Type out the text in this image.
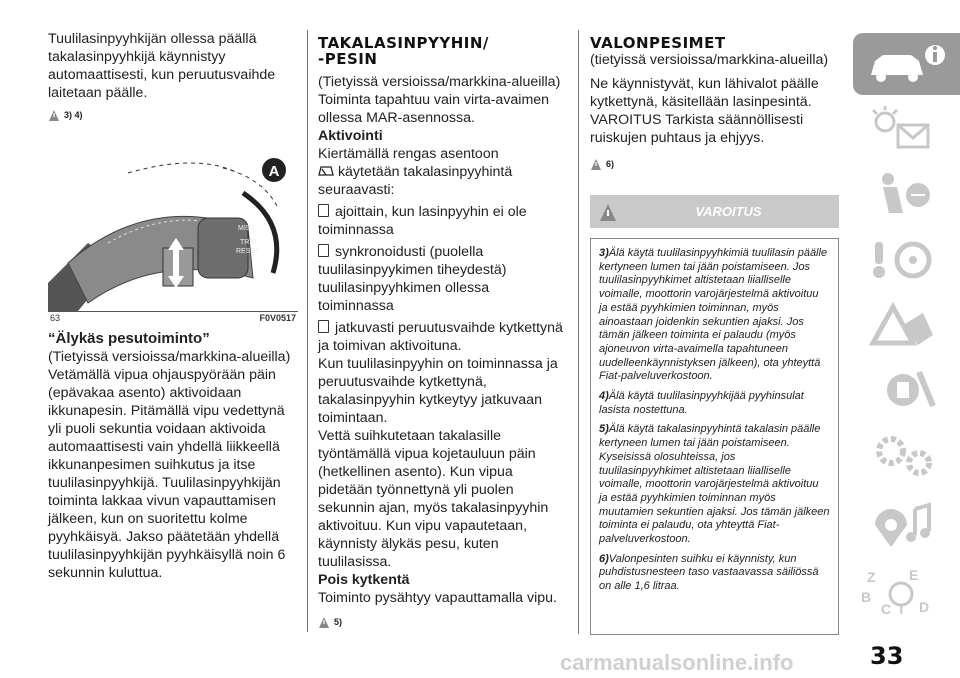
Tuulilasinpyyhkijän ollessa päällä takalasinpyyhkijä käynnistyy automaattisesti, kun peruutusvaihde laitetaan päälle.

3) 4)
A
MIST
TRIP
RESET
63	F0V0517

“Älykäs pesutoiminto”

(Tietyissä versioissa/markkina-alueilla) Vetämällä vipua ohjauspyörään päin (epävakaa asento) aktivoidaan ikkunapesin. Pitämällä vipu vedettynä yli puoli sekuntia voidaan aktivoida automaattisesti vain yhdellä liikkeellä ikkunanpesimen suihkutus ja itse tuulilasinpyyhkijä. Tuulilasinpyyhkijän toiminta lakkaa vivun vapauttamisen jälkeen, kun on suoritettu kolme pyyhkäisyä. Jakso päätetään yhdellä tuulilasinpyyhkijän pyyhkäisyllä noin 6 sekunnin kuluttua.

TAKALASINPYYHIN/

-PESIN

(Tietyissä versioissa/markkina-alueilla) Toiminta tapahtuu vain virta-avaimen ollessa MAR-asennossa.

Aktivointi

Kiertämällä rengas asentoon

käytetään takalasinpyyhintä seuraavasti:

ajoittain, kun lasinpyyhin ei ole toiminnassa

synkronoidusti (puolella tuulilasinpyykimen tiheydestä) tuulilasinpyyhkimen ollessa toiminnassa

jatkuvasti peruutusvaihde kytkettynä ja toimivan aktivoituna.

Kun tuulilasinpyyhin on toiminnassa ja peruutusvaihde kytkettynä, takalasinpyyhin kytkeytyy jatkuvaan toimintaan.

Vettä suihkutetaan takalasille työntämällä vipua kojetauluun päin (hetkellinen asento). Kun vipua pidetään työnnettynä yli puolen sekunnin ajan, myös takalasinpyyhin aktivoituu. Kun vipu vapautetaan, käynnisty älykäs pesu, kuten tuulilasissa.

Pois kytkentä

Toiminto pysähtyy vapauttamalla vipu.

5)

VALONPESIMET

(tietyissä versioissa/markkina-alueilla)

Ne käynnistyvät, kun lähivalot päälle kytkettynä, käsitellään lasinpesintä. VAROITUS Tarkista säännöllisesti ruiskujen puhtaus ja ehjyys.

6)
VAROITUS

3)Älä käytä tuulilasinpyyhkimiä tuulilasin päälle kertyneen lumen tai jään poistamiseen. Jos tuulilasinpyyhkimet altistetaan liialliselle voimalle, moottorin varojärjestelmä aktivoituu ja estää pyyhkimien toiminnan, myös ainoastaan joidenkin sekuntien ajaksi. Jos tämän jälkeen toiminta ei palaudu (myös ajoneuvon virta-avaimella tapahtuneen uudelleenkäynnistyksen jälkeen), ota yhteyttä Fiat-palveluverkostoon.

4)Älä käytä tuulilasinpyyhkijää pyyhinsulat lasista nostettuna.

5)Älä käytä takalasinpyyhintä takalasin päälle kertyneen lumen tai jään poistamiseen. Kyseisissä olosuhteissa, jos tuulilasinpyyhkimet altistetaan liialliselle voimalle, moottorin varojärjestelmä aktivoituu ja estää pyyhkimien toiminnan myös muutamien sekuntien ajaksi. Jos tämän jälkeen toiminta ei palaudu, ota yhteyttä Fiat-palveluverkostoon.

6)Valonpesinten suihku ei käynnisty, kun puhdistusnesteen taso vastaavassa säiliössä on alle 1,6 litraa.

Z E
B
C T D
33
carmanualsonline.info
